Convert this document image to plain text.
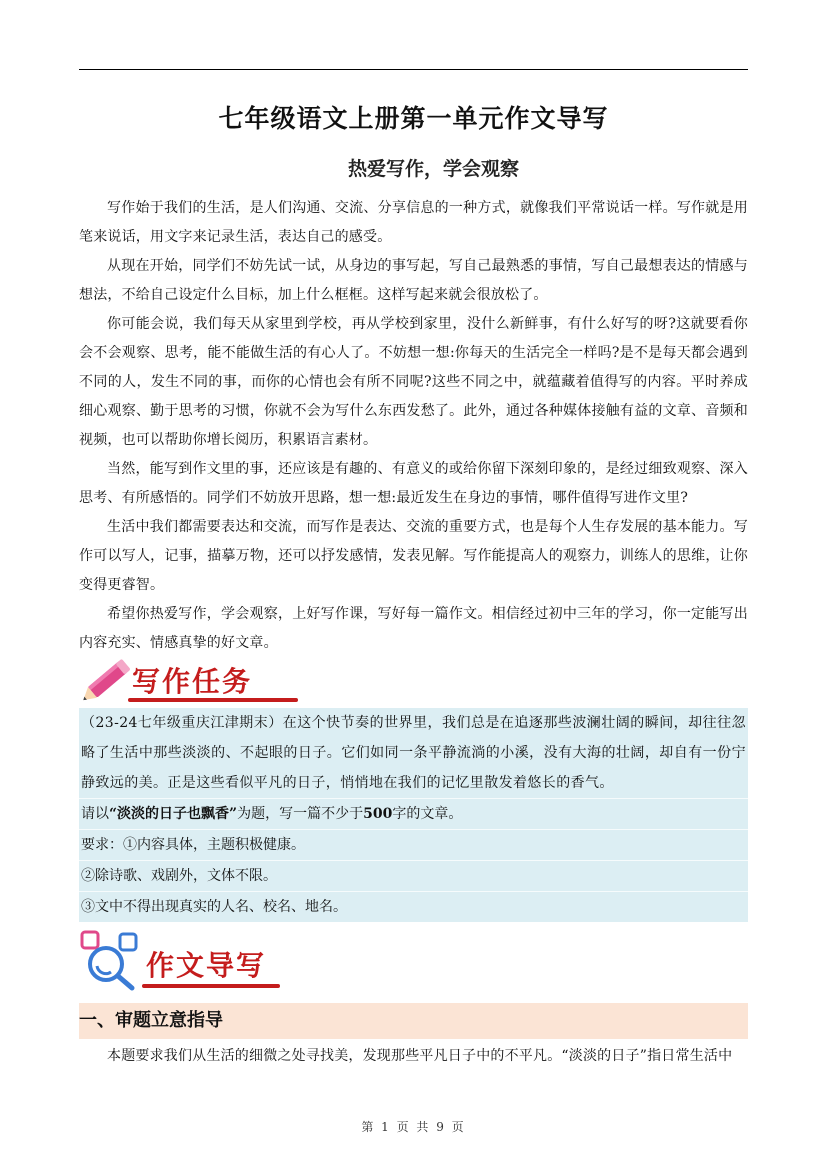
七年级语文上册第一单元作文导写
热爱写作，学会观察

写作始于我们的生活，是人们沟通、交流、分享信息的一种方式，就像我们平常说话一样。写作就是用笔来说话，用文字来记录生活，表达自己的感受。

从现在开始，同学们不妨先试一试，从身边的事写起，写自己最熟悉的事情，写自己最想表达的情感与想法，不给自己设定什么目标，加上什么框框。这样写起来就会很放松了。

你可能会说，我们每天从家里到学校，再从学校到家里，没什么新鲜事，有什么好写的呀?这就要看你会不会观察、思考，能不能做生活的有心人了。不妨想一想:你每天的生活完全一样吗?是不是每天都会遇到不同的人，发生不同的事，而你的心情也会有所不同呢?这些不同之中，就蕴藏着值得写的内容。平时养成细心观察、勤于思考的习惯，你就不会为写什么东西发愁了。此外，通过各种媒体接触有益的文章、音频和视频，也可以帮助你增长阅历，积累语言素材。

当然，能写到作文里的事，还应该是有趣的、有意义的或给你留下深刻印象的，是经过细致观察、深入思考、有所感悟的。同学们不妨放开思路，想一想:最近发生在身边的事情，哪件值得写进作文里?

生活中我们都需要表达和交流，而写作是表达、交流的重要方式，也是每个人生存发展的基本能力。写作可以写人，记事，描摹万物，还可以抒发感情，发表见解。写作能提高人的观察力，训练人的思维，让你变得更睿智。

希望你热爱写作，学会观察，上好写作课，写好每一篇作文。相信经过初中三年的学习，你一定能写出内容充实、情感真挚的好文章。

写作任务
（23-24七年级重庆江津期末）在这个快节奏的世界里，我们总是在追逐那些波澜壮阔的瞬间，却往往忽略了生活中那些淡淡的、不起眼的日子。它们如同一条平静流淌的小溪，没有大海的壮阔，却自有一份宁静致远的美。正是这些看似平凡的日子，悄悄地在我们的记忆里散发着悠长的香气。
请以“淡淡的日子也飘香”为题，写一篇不少于500字的文章。
要求：①内容具体，主题积极健康。
②除诗歌、戏剧外，文体不限。
③文中不得出现真实的人名、校名、地名。
作文导写
一、审题立意指导

本题要求我们从生活的细微之处寻找美，发现那些平凡日子中的不平凡。“淡淡的日子”指日常生活中

第 1 页 共 9 页
